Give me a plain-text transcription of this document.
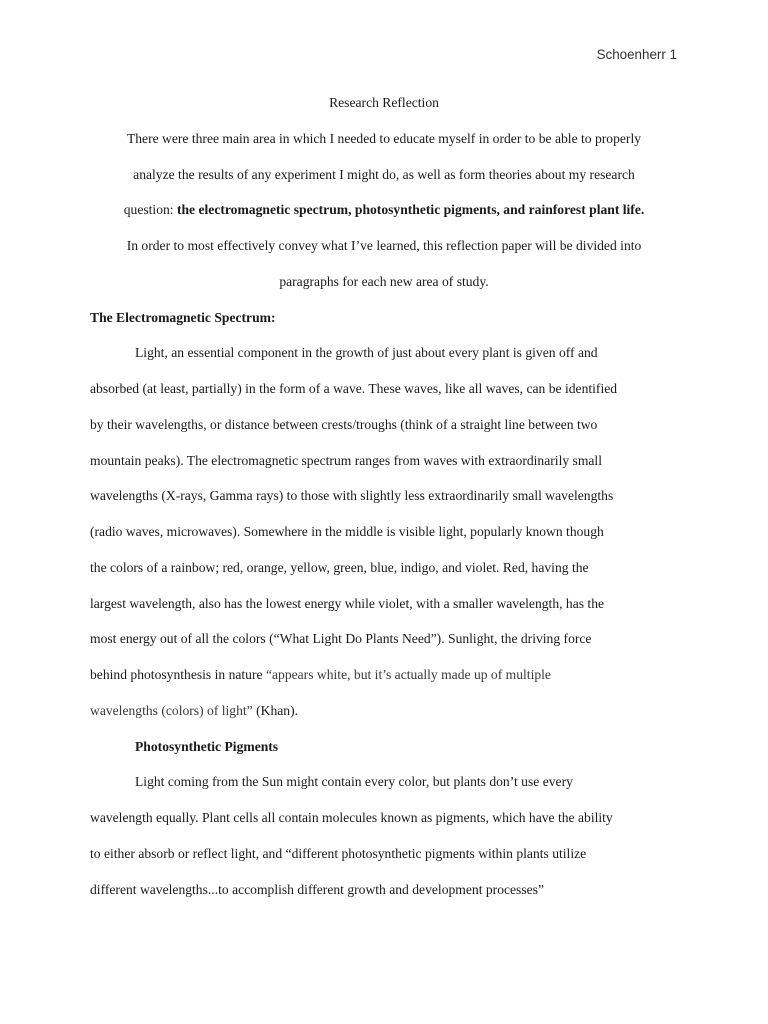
Schoenherr 1
Research Reflection
There were three main area in which I needed to educate myself in order to be able to properly
analyze the results of any experiment I might do, as well as form theories about my research
question: the electromagnetic spectrum, photosynthetic pigments, and rainforest plant life.
In order to most effectively convey what I’ve learned, this reflection paper will be divided into
paragraphs for each new area of study.
The Electromagnetic Spectrum:
Light, an essential component in the growth of just about every plant is given off and
absorbed (at least, partially) in the form of a wave. These waves, like all waves, can be identified
by their wavelengths, or distance between crests/troughs (think of a straight line between two
mountain peaks). The electromagnetic spectrum ranges from waves with extraordinarily small
wavelengths (X-rays, Gamma rays) to those with slightly less extraordinarily small wavelengths
(radio waves, microwaves). Somewhere in the middle is visible light, popularly known though
the colors of a rainbow; red, orange, yellow, green, blue, indigo, and violet. Red, having the
largest wavelength, also has the lowest energy while violet, with a smaller wavelength, has the
most energy out of all the colors (“What Light Do Plants Need”). Sunlight, the driving force
behind photosynthesis in nature “appears white, but it’s actually made up of multiple
wavelengths (colors) of light” (Khan).
Photosynthetic Pigments
Light coming from the Sun might contain every color, but plants don’t use every
wavelength equally. Plant cells all contain molecules known as pigments, which have the ability
to either absorb or reflect light, and “different photosynthetic pigments within plants utilize
different wavelengths...to accomplish different growth and development processes”
